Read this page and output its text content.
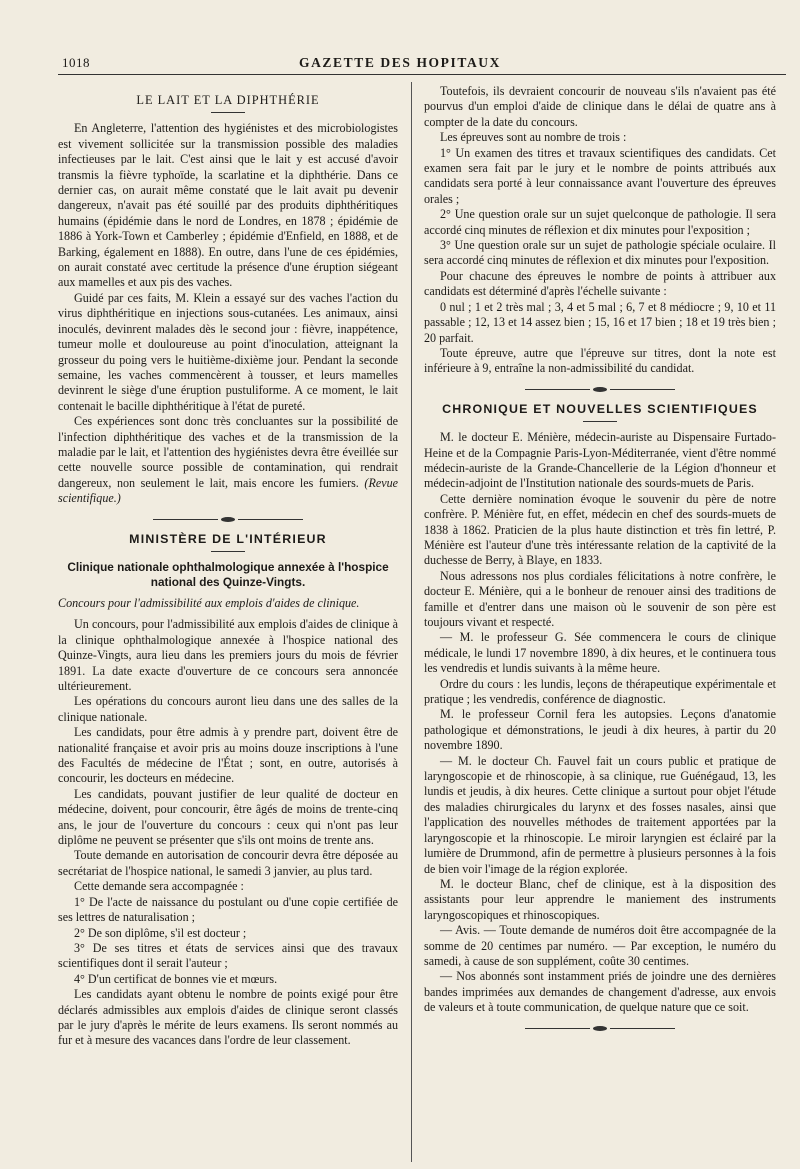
1018	GAZETTE DES HOPITAUX
LE LAIT ET LA DIPHTHÉRIE

En Angleterre, l'attention des hygiénistes et des microbiologistes est vivement sollicitée sur la transmission possible des maladies infectieuses par le lait. C'est ainsi que le lait y est accusé d'avoir transmis la fièvre typhoïde, la scarlatine et la diphthérie. Dans ce dernier cas, on aurait même constaté que le lait avait pu devenir dangereux, n'avait pas été souillé par des produits diphthéritiques humains (épidémie dans le nord de Londres, en 1878 ; épidémie de 1886 à York-Town et Camberley ; épidémie d'Enfield, en 1888, et de Barking, également en 1888). En outre, dans l'une de ces épidémies, on aurait constaté avec certitude la présence d'une éruption siégeant aux mamelles et aux pis des vaches.

Guidé par ces faits, M. Klein a essayé sur des vaches l'action du virus diphthéritique en injections sous-cutanées. Les animaux, ainsi inoculés, devinrent malades dès le second jour : fièvre, inappétence, tumeur molle et douloureuse au point d'inoculation, atteignant la grosseur du poing vers le huitième-dixième jour. Pendant la seconde semaine, les vaches commencèrent à tousser, et leurs mamelles devinrent le siège d'une éruption pustuliforme. A ce moment, le lait contenait le bacille diphthéritique à l'état de pureté.

Ces expériences sont donc très concluantes sur la possibilité de l'infection diphthéritique des vaches et de la transmission de la maladie par le lait, et l'attention des hygiénistes devra être éveillée sur cette nouvelle source possible de contamination, qui rendrait dangereux, non seulement le lait, mais encore les fumiers. (Revue scientifique.)

MINISTÈRE DE L'INTÉRIEUR
Clinique nationale ophthalmologique annexée à l'hospice national des Quinze-Vingts.
Concours pour l'admissibilité aux emplois d'aides de clinique.

Un concours, pour l'admissibilité aux emplois d'aides de clinique à la clinique ophthalmologique annexée à l'hospice national des Quinze-Vingts, aura lieu dans les premiers jours du mois de février 1891. La date exacte d'ouverture de ce concours sera annoncée ultérieurement.

Les opérations du concours auront lieu dans une des salles de la clinique nationale.

Les candidats, pour être admis à y prendre part, doivent être de nationalité française et avoir pris au moins douze inscriptions à l'une des Facultés de médecine de l'État ; sont, en outre, autorisés à concourir, les docteurs en médecine.

Les candidats, pouvant justifier de leur qualité de docteur en médecine, doivent, pour concourir, être âgés de moins de trente-cinq ans, le jour de l'ouverture du concours : ceux qui n'ont pas leur diplôme ne peuvent se présenter que s'ils ont moins de trente ans.

Toute demande en autorisation de concourir devra être déposée au secrétariat de l'hospice national, le samedi 3 janvier, au plus tard.

Cette demande sera accompagnée :

1° De l'acte de naissance du postulant ou d'une copie certifiée de ses lettres de naturalisation ;

2° De son diplôme, s'il est docteur ;

3° De ses titres et états de services ainsi que des travaux scientifiques dont il serait l'auteur ;

4° D'un certificat de bonnes vie et mœurs.

Les candidats ayant obtenu le nombre de points exigé pour être déclarés admissibles aux emplois d'aides de clinique seront classés par le jury d'après le mérite de leurs examens. Ils seront nommés au fur et à mesure des vacances dans l'ordre de leur classement.

Toutefois, ils devraient concourir de nouveau s'ils n'avaient pas été pourvus d'un emploi d'aide de clinique dans le délai de quatre ans à compter de la date du concours.

Les épreuves sont au nombre de trois :

1° Un examen des titres et travaux scientifiques des candidats. Cet examen sera fait par le jury et le nombre de points attribués aux candidats sera porté à leur connaissance avant l'ouverture des épreuves orales ;

2° Une question orale sur un sujet quelconque de pathologie. Il sera accordé cinq minutes de réflexion et dix minutes pour l'exposition ;

3° Une question orale sur un sujet de pathologie spéciale oculaire. Il sera accordé cinq minutes de réflexion et dix minutes pour l'exposition.

Pour chacune des épreuves le nombre de points à attribuer aux candidats est déterminé d'après l'échelle suivante :

0 nul ; 1 et 2 très mal ; 3, 4 et 5 mal ; 6, 7 et 8 médiocre ; 9, 10 et 11 passable ; 12, 13 et 14 assez bien ; 15, 16 et 17 bien ; 18 et 19 très bien ; 20 parfait.

Toute épreuve, autre que l'épreuve sur titres, dont la note est inférieure à 9, entraîne la non-admissibilité du candidat.

CHRONIQUE ET NOUVELLES SCIENTIFIQUES

M. le docteur E. Ménière, médecin-auriste au Dispensaire Furtado-Heine et de la Compagnie Paris-Lyon-Méditerranée, vient d'être nommé médecin-auriste de la Grande-Chancellerie de la Légion d'honneur et médecin-adjoint de l'Institution nationale des sourds-muets de Paris.

Cette dernière nomination évoque le souvenir du père de notre confrère. P. Ménière fut, en effet, médecin en chef des sourds-muets de 1838 à 1862. Praticien de la plus haute distinction et très fin lettré, P. Ménière est l'auteur d'une très intéressante relation de la captivité de la duchesse de Berry, à Blaye, en 1833.

Nous adressons nos plus cordiales félicitations à notre confrère, le docteur E. Ménière, qui a le bonheur de renouer ainsi des traditions de famille et d'entrer dans une maison où le souvenir de son père est toujours vivant et respecté.

— M. le professeur G. Sée commencera le cours de clinique médicale, le lundi 17 novembre 1890, à dix heures, et le continuera tous les vendredis et lundis suivants à la même heure.

Ordre du cours : les lundis, leçons de thérapeutique expérimentale et pratique ; les vendredis, conférence de diagnostic.

M. le professeur Cornil fera les autopsies. Leçons d'anatomie pathologique et démonstrations, le jeudi à dix heures, à partir du 20 novembre 1890.

— M. le docteur Ch. Fauvel fait un cours public et pratique de laryngoscopie et de rhinoscopie, à sa clinique, rue Guénégaud, 13, les lundis et jeudis, à dix heures. Cette clinique a surtout pour objet l'étude des maladies chirurgicales du larynx et des fosses nasales, ainsi que l'application des nouvelles méthodes de traitement apportées par la laryngoscopie et la rhinoscopie. Le miroir laryngien est éclairé par la lumière de Drummond, afin de permettre à plusieurs personnes à la fois de bien voir l'image de la région explorée.

M. le docteur Blanc, chef de clinique, est à la disposition des assistants pour leur apprendre le maniement des instruments laryngoscopiques et rhinoscopiques.

— Avis. — Toute demande de numéros doit être accompagnée de la somme de 20 centimes par numéro. — Par exception, le numéro du samedi, à cause de son supplément, coûte 30 centimes.

— Nos abonnés sont instamment priés de joindre une des dernières bandes imprimées aux demandes de changement d'adresse, aux envois de valeurs et à toute communication, de quelque nature que ce soit.
